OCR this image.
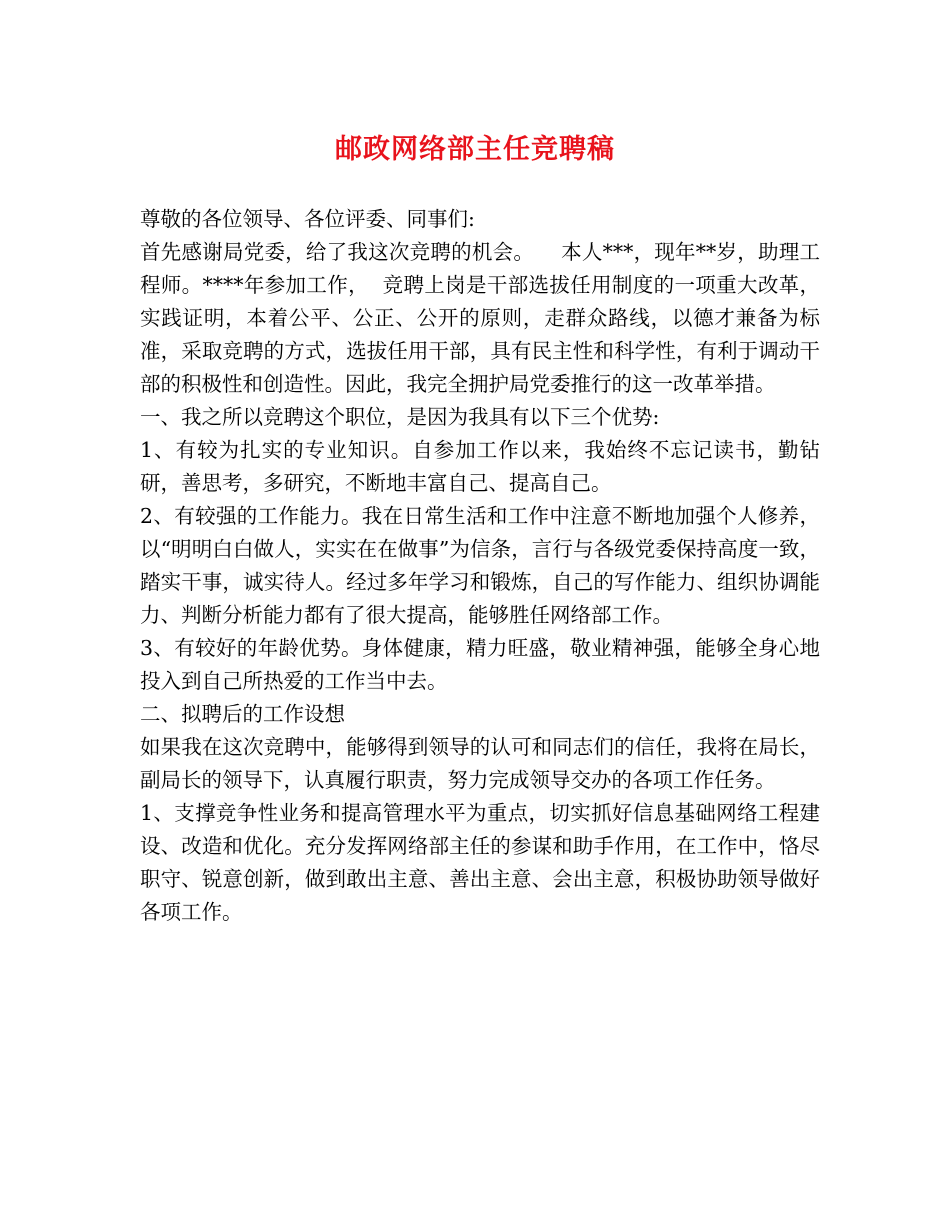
邮政网络部主任竞聘稿

尊敬的各位领导、各位评委、同事们:

首先感谢局党委，给了我这次竞聘的机会。    本人***，现年**岁，助理工程师。****年参加工作，  竞聘上岗是干部选拔任用制度的一项重大改革，实践证明，本着公平、公正、公开的原则，走群众路线，以德才兼备为标准，采取竞聘的方式，选拔任用干部，具有民主性和科学性，有利于调动干部的积极性和创造性。因此，我完全拥护局党委推行的这一改革举措。

一、我之所以竞聘这个职位，是因为我具有以下三个优势:

1、有较为扎实的专业知识。自参加工作以来，我始终不忘记读书，勤钻研，善思考，多研究，不断地丰富自己、提高自己。

2、有较强的工作能力。我在日常生活和工作中注意不断地加强个人修养，以“明明白白做人，实实在在做事”为信条，言行与各级党委保持高度一致，踏实干事，诚实待人。经过多年学习和锻炼，自己的写作能力、组织协调能力、判断分析能力都有了很大提高，能够胜任网络部工作。

3、有较好的年龄优势。身体健康，精力旺盛，敬业精神强，能够全身心地投入到自己所热爱的工作当中去。

二、拟聘后的工作设想

如果我在这次竞聘中，能够得到领导的认可和同志们的信任，我将在局长，副局长的领导下，认真履行职责，努力完成领导交办的各项工作任务。

1、支撑竞争性业务和提高管理水平为重点，切实抓好信息基础网络工程建设、改造和优化。充分发挥网络部主任的参谋和助手作用，在工作中，恪尽职守、锐意创新，做到敢出主意、善出主意、会出主意，积极协助领导做好各项工作。
